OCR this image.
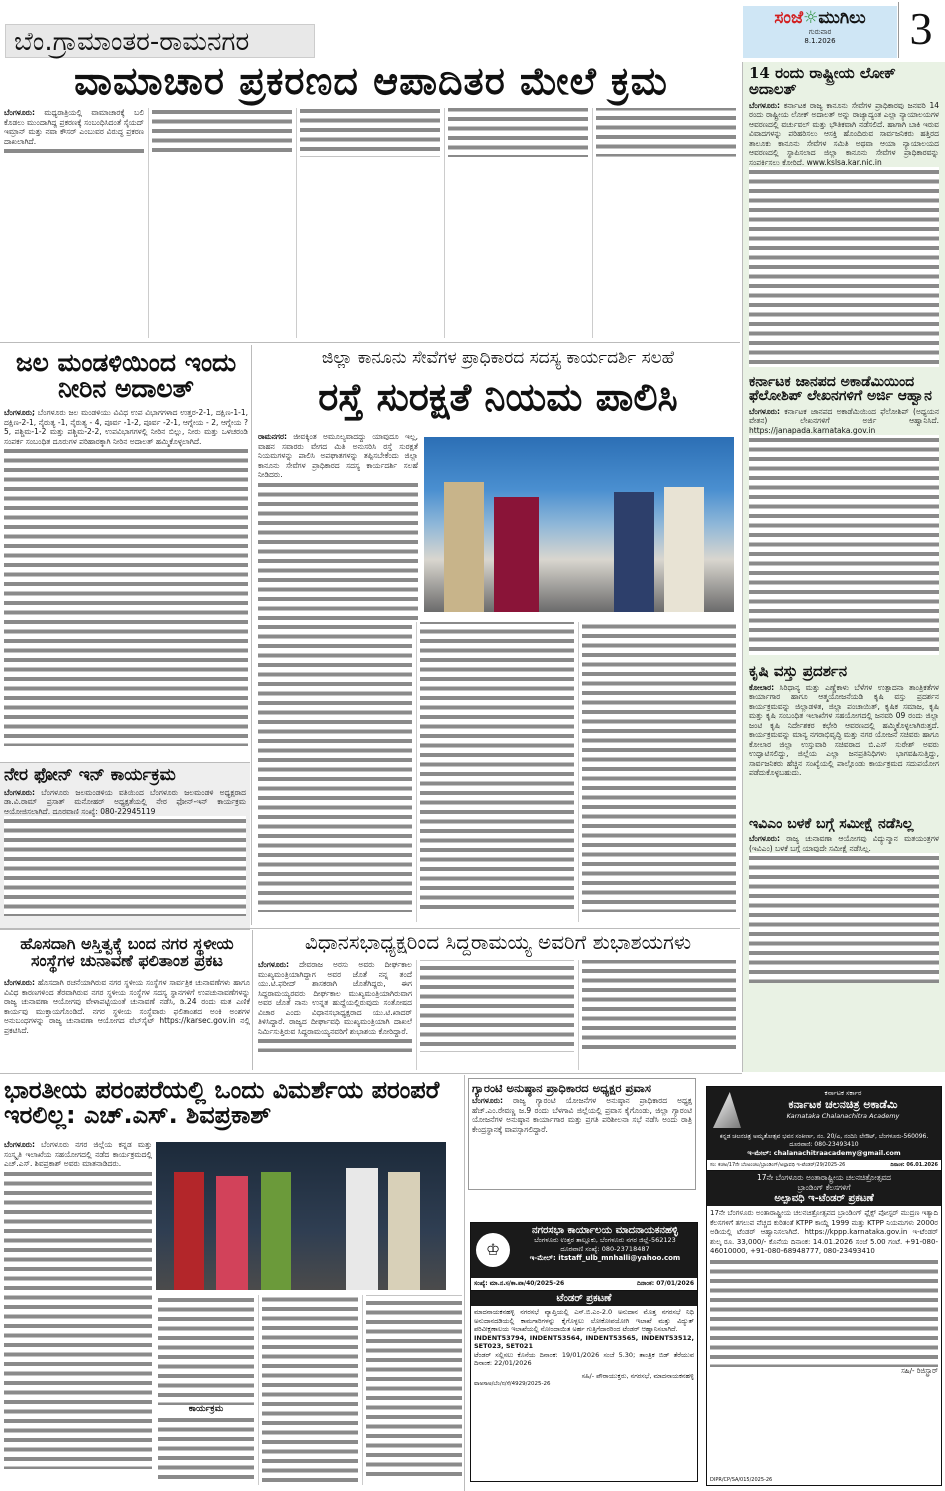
ಬೆಂ.ಗ್ರಾಮಾಂತರ-ರಾಮನಗರ
ಸಂಜೆ☼ಮುಗಿಲು
ಗುರುವಾರ
8.1.2026	3
ವಾಮಾಚಾರ ಪ್ರಕರಣದ ಆಪಾದಿತರ ಮೇಲೆ ಕ್ರಮ
ಬೆಂಗಳೂರು: ಮಧ್ಯರಾತ್ರಿಯಲ್ಲಿ ವಾಮಾಚಾರಕ್ಕೆ ಬಲಿ ಕೊಡಲು ಮುಂದಾಗಿದ್ದ ಪ್ರಕರಣಕ್ಕೆ ಸಂಬಂಧಿಸಿದಂತೆ ಸೈಯದ್ ಇಮ್ರಾನ್ ಮತ್ತು ನವಾ ಕೌಸರ್ ಎಂಬುವರ ವಿರುದ್ಧ ಪ್ರಕರಣ ದಾಖಲಾಗಿದೆ.
14 ರಂದು ರಾಷ್ಟ್ರೀಯ ಲೋಕ್ ಅದಾಲತ್
ಬೆಂಗಳೂರು: ಕರ್ನಾಟಕ ರಾಜ್ಯ ಕಾನೂನು ಸೇವೆಗಳ ಪ್ರಾಧಿಕಾರವು ಜನವರಿ 14 ರಂದು ರಾಷ್ಟ್ರೀಯ ಲೋಕ್ ಅದಾಲತ್ ಅನ್ನು ರಾಜ್ಯಾದ್ಯಂತ ಎಲ್ಲಾ ನ್ಯಾಯಾಲಯಗಳ ಆವರಣದಲ್ಲಿ ವರ್ಚುವಲ್ ಮತ್ತು ಭೌತಿಕವಾಗಿ ನಡೆಸಲಿದೆ. ಹಾಗಾಗಿ ಬಾಕಿ ಇರುವ ವಿವಾದಗಳನ್ನು ಪರಿಹರಿಸಲು ಆಸಕ್ತಿ ಹೊಂದಿರುವ ಸಾರ್ವಜನಿಕರು ಹತ್ತಿರದ ತಾಲೂಕು ಕಾನೂನು ಸೇವೆಗಳ ಸಮಿತಿ ಅಥವಾ ಆಯಾ ನ್ಯಾಯಾಲಯದ ಆವರಣದಲ್ಲಿ ಸ್ಥಾಪಿಸಲಾದ ಜಿಲ್ಲಾ ಕಾನೂನು ಸೇವೆಗಳ ಪ್ರಾಧಿಕಾರವನ್ನು ಸಂಪರ್ಕಿಸಲು ಕೋರಿದೆ. www.kslsa.kar.nic.in
ಕರ್ನಾಟಕ ಜಾನಪದ ಅಕಾಡೆಮಿಯಿಂದ ಫೆಲೋಶಿಪ್ ಲೇಖನಗಳಿಗೆ ಅರ್ಜಿ ಆಹ್ವಾನ
ಬೆಂಗಳೂರು: ಕರ್ನಾಟಕ ಜಾನಪದ ಅಕಾಡೆಮಿಯಿಂದ ಫೆಲೋಶಿಪ್ (ಅಧ್ಯಯನ ವೇತನ) ಲೇಖನಗಳಿಗೆ ಅರ್ಜಿ ಆಹ್ವಾನಿಸಿದೆ. https://janapada.karnataka.gov.in
ಕೃಷಿ ವಸ್ತು ಪ್ರದರ್ಶನ
ಕೋಲಾರ: ಸಿರಿಧಾನ್ಯ ಮತ್ತು ಎಣ್ಣೆಕಾಳು ಬೆಳೆಗಳ ಉತ್ಪಾದನಾ ತಾಂತ್ರಿಕತೆಗಳ ಕಾರ್ಯಾಗಾರ ಹಾಗೂ ಆತ್ಮಯೋಜನೆಯಡಿ ಕೃಷಿ ವಸ್ತು ಪ್ರದರ್ಶನ ಕಾರ್ಯಕ್ರಮವನ್ನು ಜಿಲ್ಲಾಡಳಿತ, ಜಿಲ್ಲಾ ಪಂಚಾಯಿತ್, ಕೃಷಿಕ ಸಮಾಜ, ಕೃಷಿ ಮತ್ತು ಕೃಷಿ ಸಂಬಂಧಿತ ಇಲಾಖೆಗಳ ಸಹಯೋಗದಲ್ಲಿ ಜನವರಿ 09 ರಂದು ಜಿಲ್ಲಾ ಜಂಟಿ ಕೃಷಿ ನಿರ್ದೇಶಕರ ಕಛೇರಿ ಆವರಣದಲ್ಲಿ ಹಮ್ಮಿಕೊಳ್ಳಲಾಗಿರುತ್ತದೆ. ಕಾರ್ಯಕ್ರಮವನ್ನು ಮಾನ್ಯ ನಗರಾಭಿವೃದ್ಧಿ ಮತ್ತು ನಗರ ಯೋಜನೆ ಸಚಿವರು ಹಾಗೂ ಕೋಲಾರ ಜಿಲ್ಲಾ ಉಸ್ತುವಾರಿ ಸಚಿವರಾದ ಬಿ.ಎಸ್ ಸುರೇಶ್ ಅವರು ಉದ್ಘಾಟಿಸಲಿದ್ದು, ಜಿಲ್ಲೆಯ ಎಲ್ಲಾ ಜನಪ್ರತಿನಿಧಿಗಳು ಭಾಗವಹಿಸುತ್ತಿದ್ದು, ಸಾರ್ವಜನಿಕರು ಹೆಚ್ಚಿನ ಸಂಖ್ಯೆಯಲ್ಲಿ ಪಾಲ್ಗೊಂಡು ಕಾರ್ಯಕ್ರಮದ ಸದುಪಯೋಗ ಪಡೆದುಕೊಳ್ಳಬಹುದು.
ಇವಿಎಂ ಬಳಕೆ ಬಗ್ಗೆ ಸಮೀಕ್ಷೆ ನಡೆಸಿಲ್ಲ
ಬೆಂಗಳೂರು: ರಾಜ್ಯ ಚುನಾವಣಾ ಆಯೋಗವು ವಿದ್ಯುನ್ಮಾನ ಮತಯಂತ್ರಗಳ (ಇವಿಎಂ) ಬಳಕೆ ಬಗ್ಗೆ ಯಾವುದೇ ಸಮೀಕ್ಷೆ ನಡೆಸಿಲ್ಲ.
ಜಲ ಮಂಡಳಿಯಿಂದ ಇಂದು ನೀರಿನ ಅದಾಲತ್
ಬೆಂಗಳೂರು; ಬೆಂಗಳೂರು ಜಲ ಮಂಡಳಿಯು ವಿವಿಧ ಉಪ ವಿಭಾಗಗಳಾದ ಉತ್ತರ-2-1, ದಕ್ಷಿಣ-1-1, ದಕ್ಷಿಣ-2-1, ನೈರುತ್ಯ -1, ನೈರುತ್ಯ - 4, ಪೂರ್ವ -1-2, ಪೂರ್ವ -2-1, ಆಗ್ನೇಯ - 2, ಆಗ್ನೇಯ ? 5, ಪಶ್ಚಿಮ-1-2 ಮತ್ತು ಪಶ್ಚಿಮ-2-2, ಉಪವಿಭಾಗಗಳಲ್ಲಿ ನೀರಿನ ಬಿಲ್ಲು, ನೀರು ಮತ್ತು ಒಳಚರಂಡಿ ಸಂಪರ್ಕ ಸಂಬಂಧಿತ ದೂರುಗಳ ಪರಿಹಾರಕ್ಕಾಗಿ ನೀರಿನ ಅದಾಲತ್ ಹಮ್ಮಿಕೊಳ್ಳಲಾಗಿದೆ.
ನೇರ ಫೋನ್ ಇನ್ ಕಾರ್ಯಕ್ರಮ
ಬೆಂಗಳೂರು: ಬೆಂಗಳೂರು ಜಲಮಂಡಳಿಯ ವತಿಯಿಂದ ಬೆಂಗಳೂರು ಜಲಮಂಡಳಿ ಅಧ್ಯಕ್ಷರಾದ ಡಾ.ವಿ.ರಾಮ್ ಪ್ರಸಾತ್ ಮನೋಹರ್ ಅಧ್ಯಕ್ಷತೆಯಲ್ಲಿ ನೇರ ಫೋನ್-ಇನ್ ಕಾರ್ಯಕ್ರಮ ಆಯೋಜಿಸಲಾಗಿದೆ. ದೂರವಾಣಿ ಸಂಖ್ಯೆ: 080-22945119
ಜಿಲ್ಲಾ ಕಾನೂನು ಸೇವೆಗಳ ಪ್ರಾಧಿಕಾರದ ಸದಸ್ಯ ಕಾರ್ಯದರ್ಶಿ ಸಲಹೆ
ರಸ್ತೆ ಸುರಕ್ಷತೆ ನಿಯಮ ಪಾಲಿಸಿ
ರಾಮನಗರ: ಜೀವಕ್ಕಿಂತ ಅಮೂಲ್ಯವಾದದ್ದು ಯಾವುದೂ ಇಲ್ಲ, ವಾಹನ ಸವಾರರು ವೇಗದ ಮಿತಿ ಅನುಸರಿಸಿ ರಸ್ತೆ ಸುರಕ್ಷತೆ ನಿಯಮಗಳನ್ನು ಪಾಲಿಸಿ ಅಪಘಾತಗಳನ್ನು ತಪ್ಪಿಸಬೇಕೆಂದು ಜಿಲ್ಲಾ ಕಾನೂನು ಸೇವೆಗಳ ಪ್ರಾಧಿಕಾರದ ಸದಸ್ಯ ಕಾರ್ಯದರ್ಶಿ ಸಲಹೆ ನೀಡಿದರು.
ಹೊಸದಾಗಿ ಅಸ್ತಿತ್ವಕ್ಕೆ ಬಂದ ನಗರ ಸ್ಥಳೀಯ ಸಂಸ್ಥೆಗಳ ಚುನಾವಣೆ ಫಲಿತಾಂಶ ಪ್ರಕಟ
ಬೆಂಗಳೂರು: ಹೊಸದಾಗಿ ರಚನೆಯಾಗಿರುವ ನಗರ ಸ್ಥಳೀಯ ಸಂಸ್ಥೆಗಳ ಸಾರ್ವತ್ರಿಕ ಚುನಾವಣೆಗಳು ಹಾಗೂ ವಿವಿಧ ಕಾರಣಗಳಿಂದ ತೆರವಾಗಿರುವ ನಗರ ಸ್ಥಳೀಯ ಸಂಸ್ಥೆಗಳ ಸದಸ್ಯ ಸ್ಥಾನಗಳಿಗೆ ಉಪಚುನಾವಣೆಗಳನ್ನು ರಾಜ್ಯ ಚುನಾವಣಾ ಆಯೋಗವು ವೇಳಾಪಟ್ಟಿಯಂತೆ ಚುನಾವಣೆ ನಡೆಸಿ, ಡಿ.24 ರಂದು ಮತ ಎಣಿಕೆ ಕಾರ್ಯವು ಮುಕ್ತಾಯಗೊಂಡಿದೆ. ನಗರ ಸ್ಥಳೀಯ ಸಂಸ್ಥೆವಾರು ಫಲಿತಾಂಶದ ಅಂಕಿ ಅಂಶಗಳ ಅನುಬಂಧಗಳನ್ನು ರಾಜ್ಯ ಚುನಾವಣಾ ಆಯೋಗದ ವೆಬ್‌ಸೈಟ್ https://karsec.gov.in ನಲ್ಲಿ ಪ್ರಕಟಿಸಿದೆ.
ವಿಧಾನಸಭಾಧ್ಯಕ್ಷರಿಂದ ಸಿದ್ದರಾಮಯ್ಯ ಅವರಿಗೆ ಶುಭಾಶಯಗಳು
ಬೆಂಗಳೂರು: ದೇವರಾಜ ಅರಸು ಅವರು ದೀರ್ಘಕಾಲ ಮುಖ್ಯಮಂತ್ರಿಯಾಗಿದ್ದಾಗ ಅವರ ಜೊತೆ ನನ್ನ ತಂದೆ ಯು.ಟಿ.ಫರೀದ್ ಶಾಸಕರಾಗಿ ಜೊತೆಗಿದ್ದರು, ಈಗ ಸಿದ್ದರಾಮಯ್ಯರವರು ದೀರ್ಘಕಾಲ ಮುಖ್ಯಮಂತ್ರಿಯಾಗಿರುವಾಗ ಅವರ ಜೊತೆ ನಾನು ಉನ್ನತ ಹುದ್ದೆಯಲ್ಲಿರುವುದು ಸಂತೋಷದ ವಿಚಾರ ಎಂದು ವಿಧಾನಸಭಾಧ್ಯಕ್ಷರಾದ ಯು.ಟಿ.ಖಾದರ್ ತಿಳಿಸಿದ್ದಾರೆ. ರಾಜ್ಯದ ದೀರ್ಘಾವಧಿ ಮುಖ್ಯಮಂತ್ರಿಯಾಗಿ ದಾಖಲೆ ನಿರ್ಮಿಸುತ್ತಿರುವ ಸಿದ್ದರಾಮಯ್ಯನವರಿಗೆ ಶುಭಾಶಯ ಕೋರಿದ್ದಾರೆ.
ಭಾರತೀಯ ಪರಂಪರೆಯಲ್ಲಿ ಒಂದು ವಿಮರ್ಶೆಯ ಪರಂಪರೆ ಇರಲಿಲ್ಲ: ಎಚ್.ಎಸ್. ಶಿವಪ್ರಕಾಶ್
ಬೆಂಗಳೂರು: ಬೆಂಗಳೂರು ನಗರ ಜಿಲ್ಲೆಯ ಕನ್ನಡ ಮತ್ತು ಸಂಸ್ಕೃತಿ ಇಲಾಖೆಯ ಸಹಯೋಗದಲ್ಲಿ ನಡೆದ ಕಾರ್ಯಕ್ರಮದಲ್ಲಿ ಎಚ್.ಎಸ್. ಶಿವಪ್ರಕಾಶ್ ಅವರು ಮಾತನಾಡಿದರು.
ಕಾರ್ಯಕ್ರಮ
ಗ್ಯಾರಂಟಿ ಅನುಷ್ಠಾನ ಪ್ರಾಧಿಕಾರದ ಅಧ್ಯಕ್ಷರ ಪ್ರವಾಸ
ಬೆಂಗಳೂರು: ರಾಜ್ಯ ಗ್ಯಾರಂಟಿ ಯೋಜನೆಗಳ ಅನುಷ್ಠಾನ ಪ್ರಾಧಿಕಾರದ ಅಧ್ಯಕ್ಷ ಹೆಚ್.ಎಂ.ರೇವಣ್ಣ ಜ.9 ರಂದು ಬೆಳಗಾವಿ ಜಿಲ್ಲೆಯಲ್ಲಿ ಪ್ರವಾಸ ಕೈಗೊಂಡು, ಜಿಲ್ಲಾ ಗ್ಯಾರಂಟಿ ಯೋಜನೆಗಳ ಅನುಷ್ಠಾನ ಕಾರ್ಯಾಗಾರ ಮತ್ತು ಪ್ರಗತಿ ಪರಿಶೀಲನಾ ಸಭೆ ನಡೆಸಿ ಅಂದು ರಾತ್ರಿ ಕೇಂದ್ರಸ್ಥಾನಕ್ಕೆ ವಾಪಸ್ಸಾಗಲಿದ್ದಾರೆ.
♔
ನಗರಸಭಾ ಕಾರ್ಯಾಲಯ ಮಾದನಾಯಕನಹಳ್ಳಿ
ಬೆಂಗಳೂರು ಉತ್ತರ ತಾಲ್ಲೂಕು, ಬೆಂಗಳೂರು ನಗರ ಜಿಲ್ಲೆ-562123
ದೂರವಾಣಿ ಸಂಖ್ಯೆ: 080-23718487
ಇ-ಮೇಲ್: itstaff_ulb_mnhalli@yahoo.com
ಸಂಖ್ಯೆ: ಮಾ.ನ.ಸ/ಕಾ.ಪಾ/40/2025-26	ದಿನಾಂಕ: 07/01/2026
ಟೆಂಡರ್ ಪ್ರಕಟಣೆ
ಮಾದನಾಯಕನಹಳ್ಳಿ ನಗರಸಭೆ ವ್ಯಾಪ್ತಿಯಲ್ಲಿ ಎಸ್.ಬಿ.ಎಂ-2.0 ಅನುದಾನ ಮೊತ್ತ ನಗರಸಭೆ ನಿಧಿ ಅನುದಾನದಡಿಯಲ್ಲಿ ಕಾಮಗಾರಿಗಳನ್ನು ಕೈಗೊಳ್ಳಲು ಲೋಕೋಪಯೋಗಿ ಇಲಾಖೆ ಮತ್ತು ವಿದ್ಯುತ್ ಪರಿವೀಕ್ಷಣಾಲಯ ಇಲಾಖೆಯಲ್ಲಿ ನೋಂದಾಯಿತ ಅರ್ಹ ಗುತ್ತಿಗೆದಾರರಿಂದ ಟೆಂಡರ್ ಆಹ್ವಾನಿಸಲಾಗಿದೆ.
INDENT53794, INDENT53564, INDENT53565, INDENT53512, SET023, SET021
ಟೆಂಡರ್ ಸಲ್ಲಿಸಲು ಕೊನೆಯ ದಿನಾಂಕ: 19/01/2026 ಸಂಜೆ 5.30; ತಾಂತ್ರಿಕ ಬಿಡ್ ತೆರೆಯುವ ದಿನಾಂಕ: 22/01/2026
ಸಹಿ/- ಪೌರಾಯುಕ್ತರು, ನಗರಸಭೆ, ಮಾದನಾಯಕನಹಳ್ಳಿ
ವಾಅಸಾಅ/ಬೆಂ/ನ/ಸೆ/4929/2025-26
ಕರ್ನಾಟಕ ಸರ್ಕಾರ
ಕರ್ನಾಟಕ ಚಲನಚಿತ್ರ ಅಕಾಡೆಮಿ
Karnataka Chalanachitra Academy
ಕನ್ನಡ ಚಲನಚಿತ್ರ ಅಮೃತೋತ್ಸವ ಭವನ ಸಂಕೀರ್ಣ, ನಂ. 20/ಎ, ನಂದಿನಿ ಲೇಔಟ್, ಬೆಂಗಳೂರು-560096. ದೂರವಾಣಿ: 080-23493410
ಇ-ಮೇಲ್: chalanachitraacademy@gmail.com
ಸಂ: ಕಚಅ/17ನೇ ಬೆಂಅಂಚಲ/ಬ್ರಾಂಡಿಂಗ್/ಅಲ್ಪಾವಧಿ ಇ-ಟೆಂಡರ್/29/2025-26	ದಿನಾಂಕ: 06.01.2026
17ನೇ ಬೆಂಗಳೂರು ಅಂತಾರಾಷ್ಟ್ರೀಯ ಚಲನಚಿತ್ರೋತ್ಸವದ
ಬ್ರಾಂಡಿಂಗ್ ಕೆಲಸಗಳಿಗೆ
ಅಲ್ಪಾವಧಿ ಇ-ಟೆಂಡರ್ ಪ್ರಕಟಣೆ
17ನೇ ಬೆಂಗಳೂರು ಅಂತಾರಾಷ್ಟ್ರೀಯ ಚಲನಚಿತ್ರೋತ್ಸವದ ಬ್ರಾಂಡಿಂಗ್ ಫ್ಲೆಕ್ಸ್ ಪೋಸ್ಟರ್ ಮುದ್ರಣ ಇತ್ಯಾದಿ ಕೆಲಸಗಳಿಗೆ ತಗಲುವ ವೆಚ್ಚದ ಕುರಿತಂತೆ KTPP ಕಾಯ್ದೆ 1999 ಮತ್ತು KTPP ನಿಯಮಗಳು 2000ರ ಅಡಿಯಲ್ಲಿ ಟೆಂಡರ್ ಆಹ್ವಾನಿಸಲಾಗಿದೆ. https://kppp.karnataka.gov.in ಇ-ಟೆಂಡರ್ ಶುಲ್ಕ ರೂ. 33,000/- ಕೊನೆಯ ದಿನಾಂಕ: 14.01.2026 ಸಂಜೆ 5.00 ಗಂಟೆ. +91-080-46010000, +91-080-68948777, 080-23493410
ಸಹಿ/- ರಿಜಿಸ್ಟ್ರಾರ್
DIPR/CP/SA/015/2025-26
